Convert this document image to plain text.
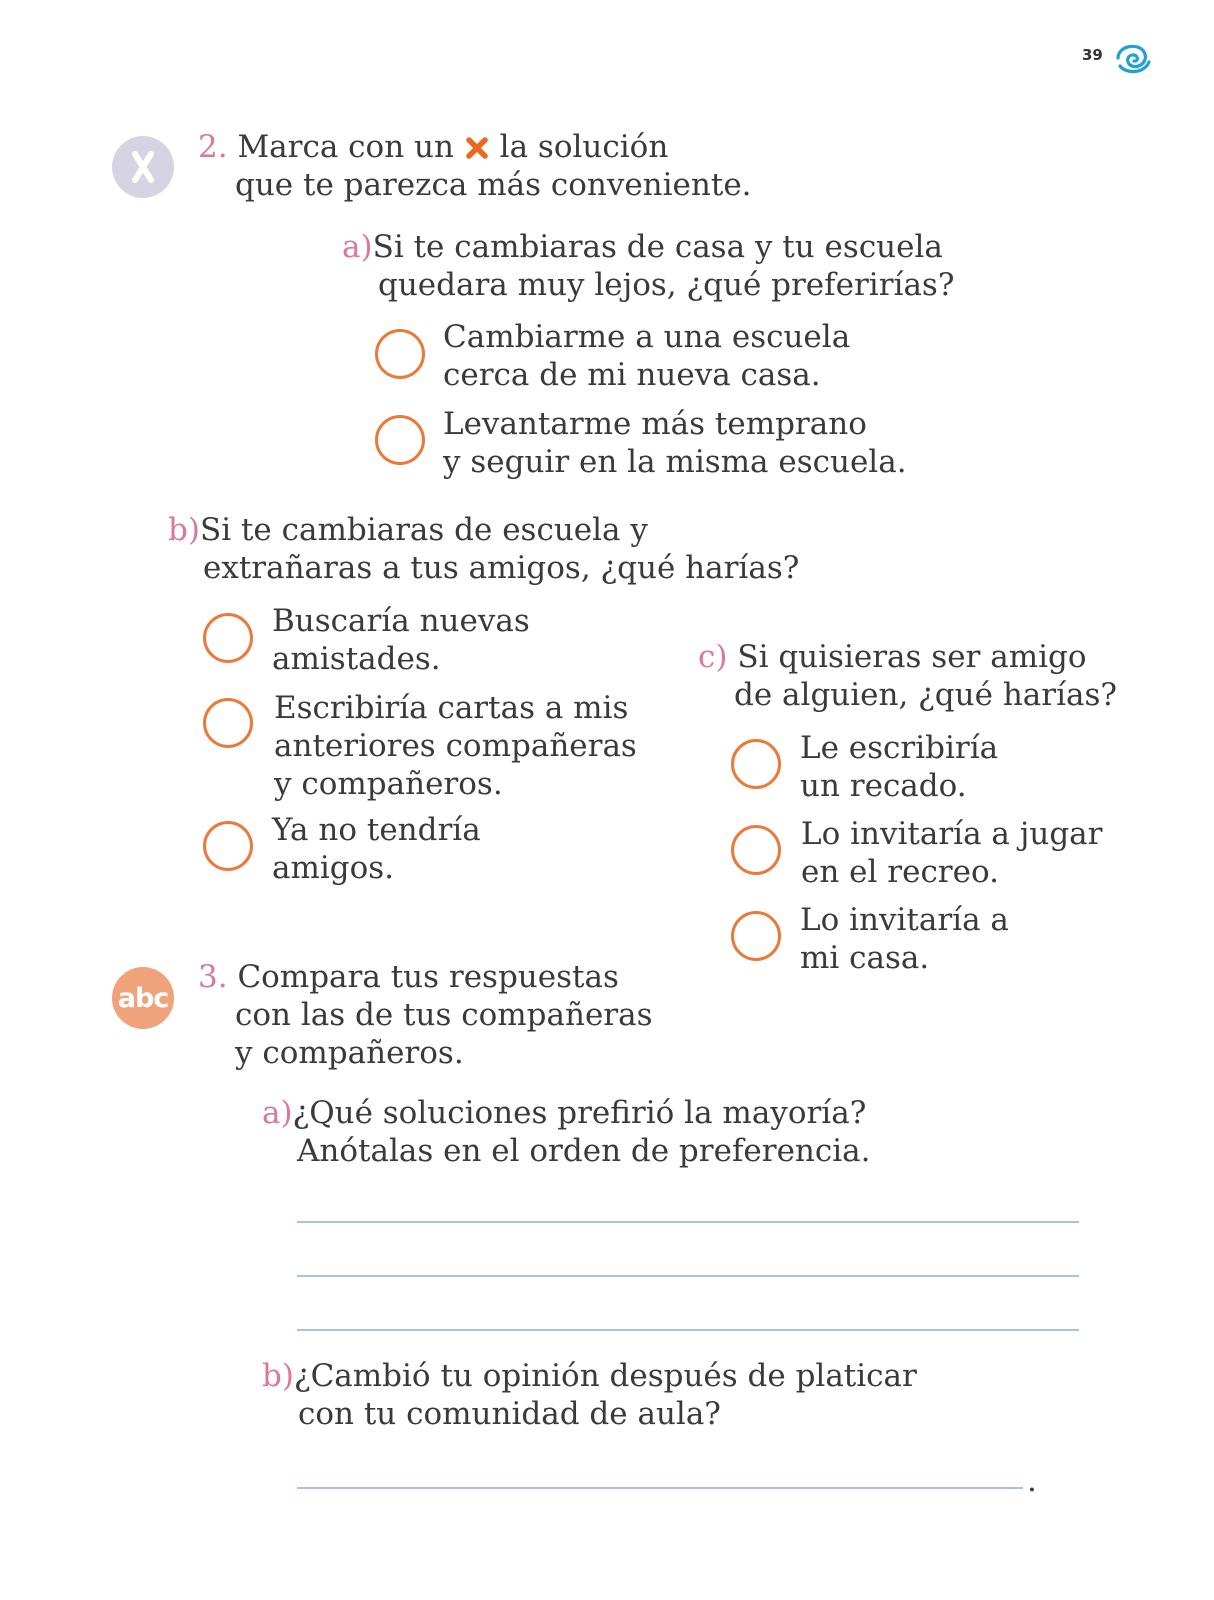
39

2. Marca con un la solución

que te parezca más conveniente.

a)Si te cambiaras de casa y tu escuela

quedara muy lejos, ¿qué preferirías?

Cambiarme a una escuela

cerca de mi nueva casa.

Levantarme más temprano

y seguir en la misma escuela.

b)Si te cambiaras de escuela y

extrañaras a tus amigos, ¿qué harías?

Buscaría nuevas

amistades.

Escribiría cartas a mis

anteriores compañeras

y compañeros.

Ya no tendría

amigos.

c) Si quisieras ser amigo

de alguien, ¿qué harías?

Le escribiría

un recado.

Lo invitaría a jugar

en el recreo.

Lo invitaría a

mi casa.

abc

3. Compara tus respuestas

con las de tus compañeras

y compañeros.

a)¿Qué soluciones prefirió la mayoría?

Anótalas en el orden de preferencia.

b)¿Cambió tu opinión después de platicar

con tu comunidad de aula?

.
